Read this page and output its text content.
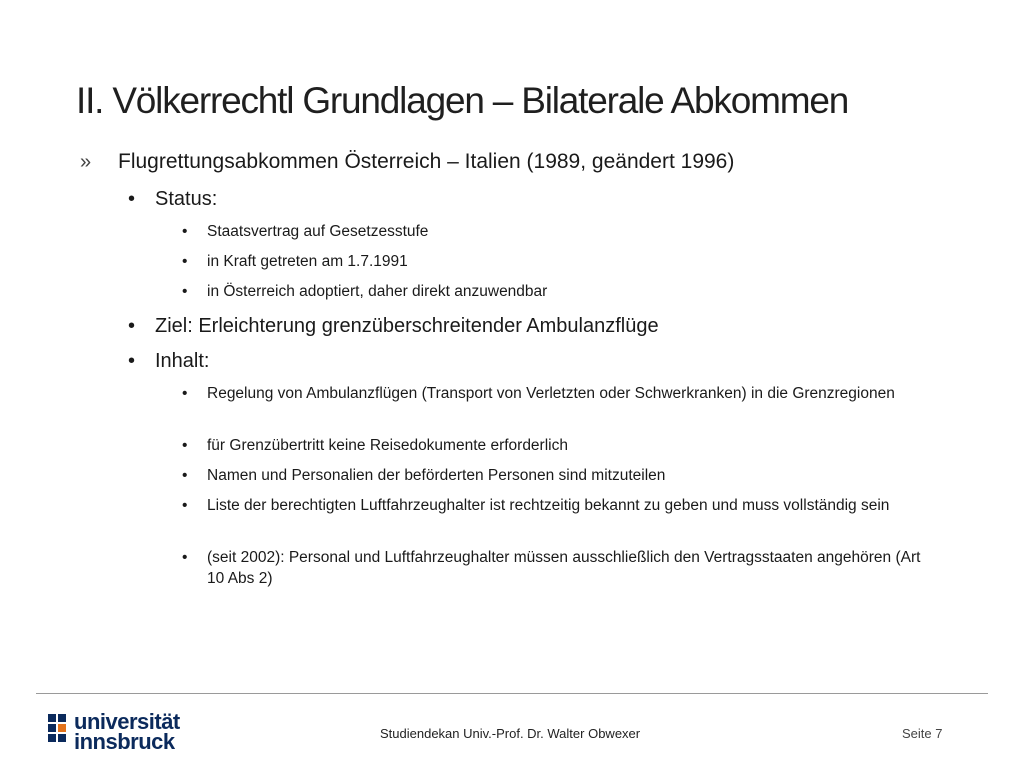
II. Völkerrechtl Grundlagen – Bilaterale Abkommen
» Flugrettungsabkommen Österreich – Italien (1989, geändert 1996)
• Status:
• Staatsvertrag auf Gesetzesstufe
• in Kraft getreten am 1.7.1991
• in Österreich adoptiert, daher direkt anzuwendbar
• Ziel: Erleichterung grenzüberschreitender Ambulanzflüge
• Inhalt:
• Regelung von Ambulanzflügen (Transport von Verletzten oder Schwerkranken) in die Grenzregionen
• für Grenzübertritt keine Reisedokumente erforderlich
• Namen und Personalien der beförderten Personen sind mitzuteilen
• Liste der berechtigten Luftfahrzeughalter ist rechtzeitig bekannt zu geben und muss vollständig sein
• (seit 2002): Personal und Luftfahrzeughalter müssen ausschließlich den Vertragsstaaten angehören (Art 10 Abs 2)
universität
innsbruck	Studiendekan Univ.-Prof. Dr. Walter Obwexer	Seite 7
